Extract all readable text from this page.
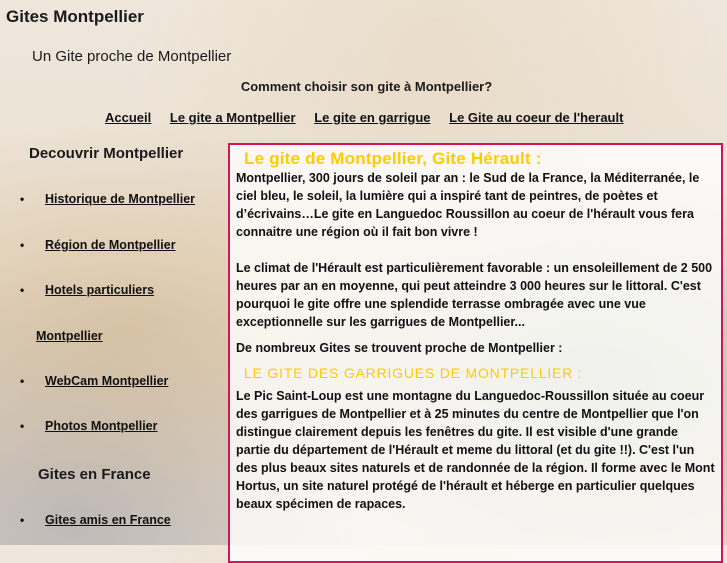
Gites Montpellier
Un Gite proche de Montpellier
Comment choisir son gite à Montpellier?
Accueil Le gite a Montpellier Le gite en garrigue Le Gite au coeur de l'herault
Decouvrir Montpellier
• Historique de Montpellier
• Région de Montpellier
• Hotels particuliers
Montpellier
• WebCam Montpellier
• Photos Montpellier
Gites en France
• Gites amis en France
Le gite de Montpellier, Gite Hérault :

Montpellier, 300 jours de soleil par an : le Sud de la France, la Méditerranée, le ciel bleu, le soleil, la lumière qui a inspiré tant de peintres, de poètes et d’écrivains…Le gite en Languedoc Roussillon au coeur de l'hérault vous fera connaitre une région où il fait bon vivre !

Le climat de l'Hérault est particulièrement favorable : un ensoleillement de 2 500 heures par an en moyenne, qui peut atteindre 3 000 heures sur le littoral. C'est pourquoi le gite offre une splendide terrasse ombragée avec une vue exceptionnelle sur les garrigues de Montpellier...

De nombreux Gites se trouvent proche de Montpellier :

LE GITE DES GARRIGUES DE MONTPELLIER :

Le Pic Saint-Loup est une montagne du Languedoc-Roussillon située au coeur des garrigues de Montpellier et à 25 minutes du centre de Montpellier que l'on distingue clairement depuis les fenêtres du gite. Il est visible d'une grande partie du département de l'Hérault et meme du littoral (et du gite !!). C'est l'un des plus beaux sites naturels et de randonnée de la région. Il forme avec le Mont Hortus, un site naturel protégé de l'hérault et héberge en particulier quelques beaux spécimen de rapaces.
